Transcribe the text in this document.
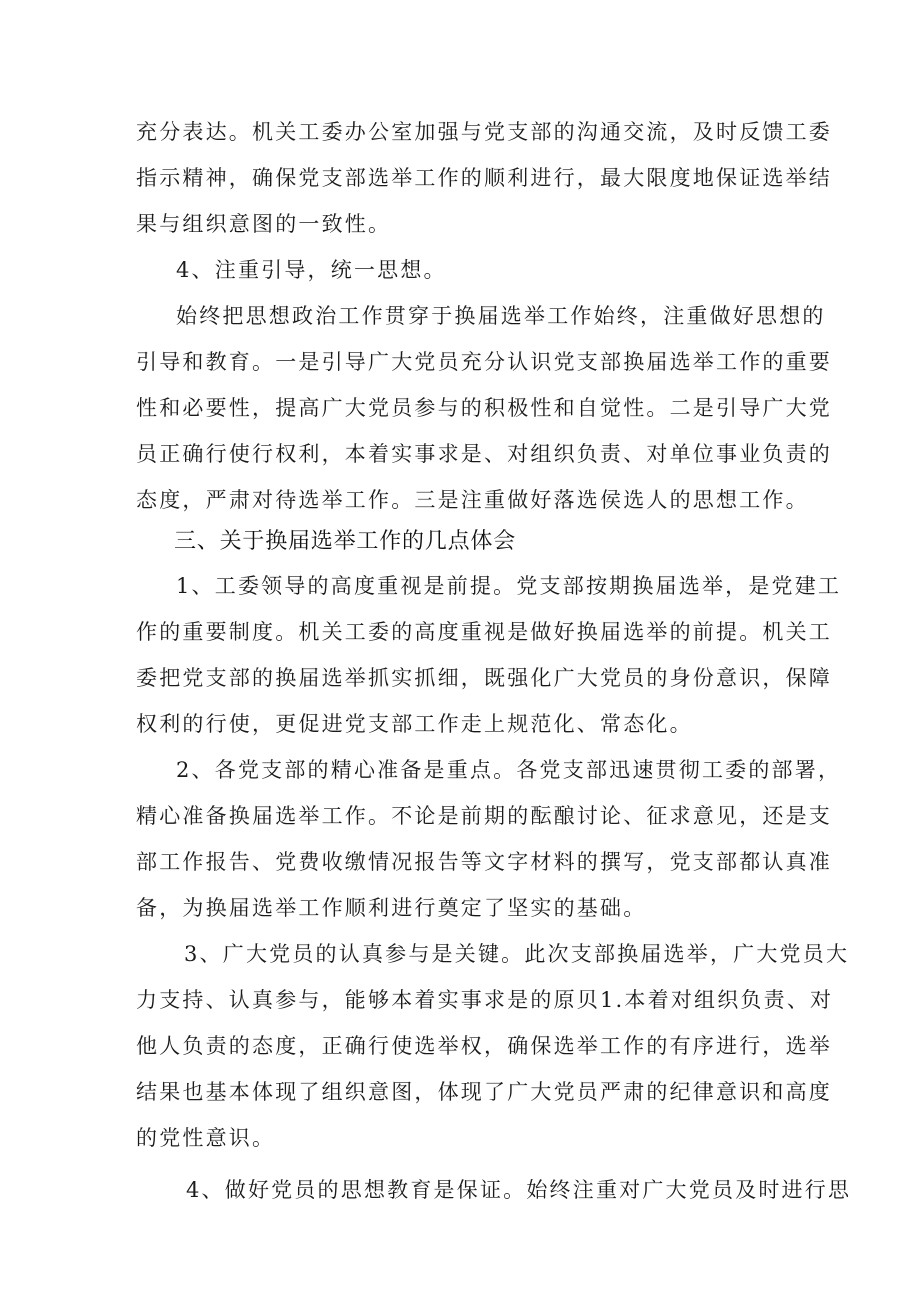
充分表达。机关工委办公室加强与党支部的沟通交流，及时反馈工委
指示精神，确保党支部选举工作的顺利进行，最大限度地保证选举结
果与组织意图的一致性。
4、注重引导，统一思想。
始终把思想政治工作贯穿于换届选举工作始终，注重做好思想的
引导和教育。一是引导广大党员充分认识党支部换届选举工作的重要
性和必要性，提高广大党员参与的积极性和自觉性。二是引导广大党
员正确行使行权利，本着实事求是、对组织负责、对单位事业负责的
态度，严肃对待选举工作。三是注重做好落选侯选人的思想工作。
三、关于换届选举工作的几点体会
1、工委领导的高度重视是前提。党支部按期换届选举，是党建工
作的重要制度。机关工委的高度重视是做好换届选举的前提。机关工
委把党支部的换届选举抓实抓细，既强化广大党员的身份意识，保障
权利的行使，更促进党支部工作走上规范化、常态化。
2、各党支部的精心准备是重点。各党支部迅速贯彻工委的部署，
精心准备换届选举工作。不论是前期的酝酿讨论、征求意见，还是支
部工作报告、党费收缴情况报告等文字材料的撰写，党支部都认真准
备，为换届选举工作顺利进行奠定了坚实的基础。
3、广大党员的认真参与是关键。此次支部换届选举，广大党员大
力支持、认真参与，能够本着实事求是的原贝1.本着对组织负责、对
他人负责的态度，正确行使选举权，确保选举工作的有序进行，选举
结果也基本体现了组织意图，体现了广大党员严肃的纪律意识和高度
的党性意识。
4、做好党员的思想教育是保证。始终注重对广大党员及时进行思
